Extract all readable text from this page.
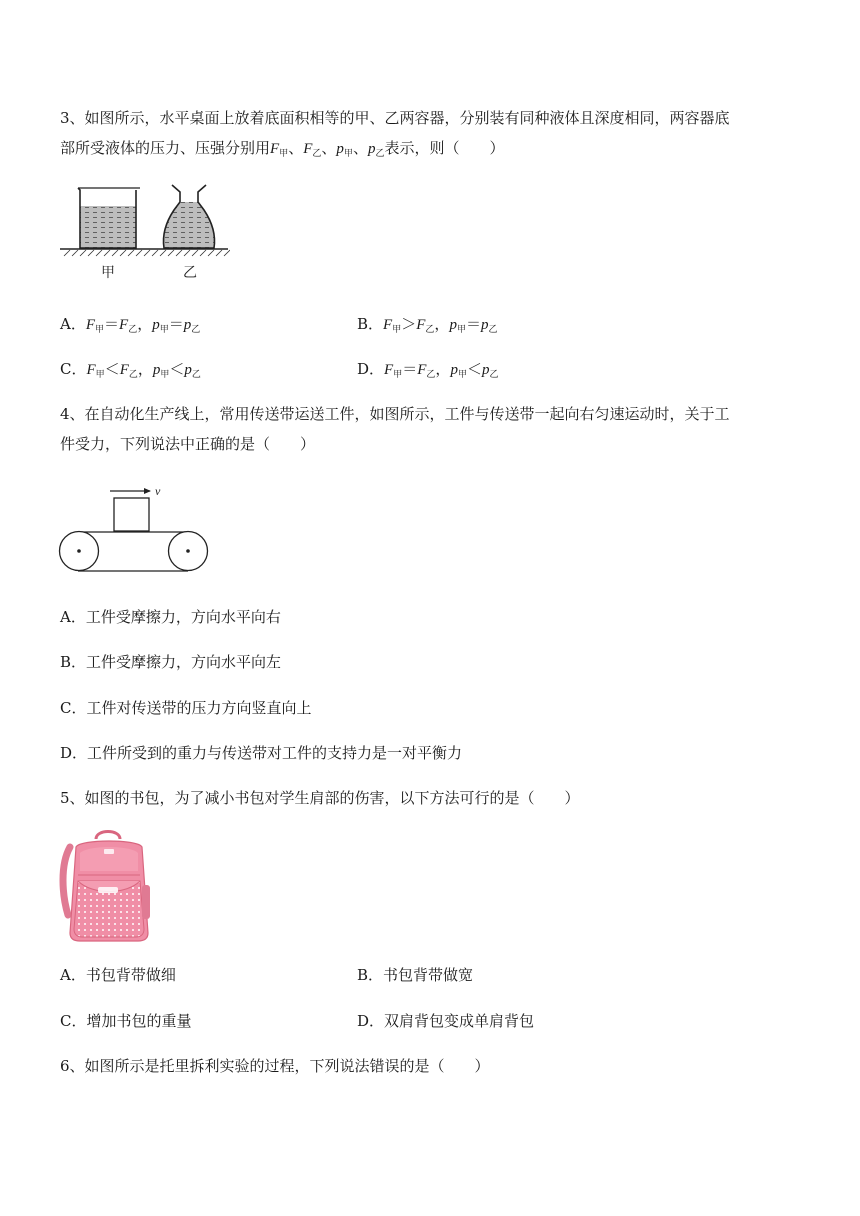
3、如图所示，水平桌面上放着底面积相等的甲、乙两容器，分别装有同种液体且深度相同，两容器底
部所受液体的压力、压强分别用$F_甲$、$F_乙$、$p_甲$、$p_乙$表示，则（　　）
甲	乙
A．$F_甲=F_乙$，$p_甲=p_乙$	B．$F_甲>F_乙$，$p_甲=p_乙$
C．$F_甲<F_乙$，$p_甲<p_乙$	D．$F_甲=F_乙$，$p_甲<p_乙$
4、在自动化生产线上，常用传送带运送工件，如图所示，工件与传送带一起向右匀速运动时，关于工
件受力，下列说法中正确的是（　　）
v
A．工件受摩擦力，方向水平向右
B．工件受摩擦力，方向水平向左
C．工件对传送带的压力方向竖直向上
D．工件所受到的重力与传送带对工件的支持力是一对平衡力
5、如图的书包，为了减小书包对学生肩部的伤害，以下方法可行的是（　　）
A．书包背带做细	B．书包背带做宽
C．增加书包的重量	D．双肩背包变成单肩背包
6、如图所示是托里拆利实验的过程，下列说法错误的是（　　）
